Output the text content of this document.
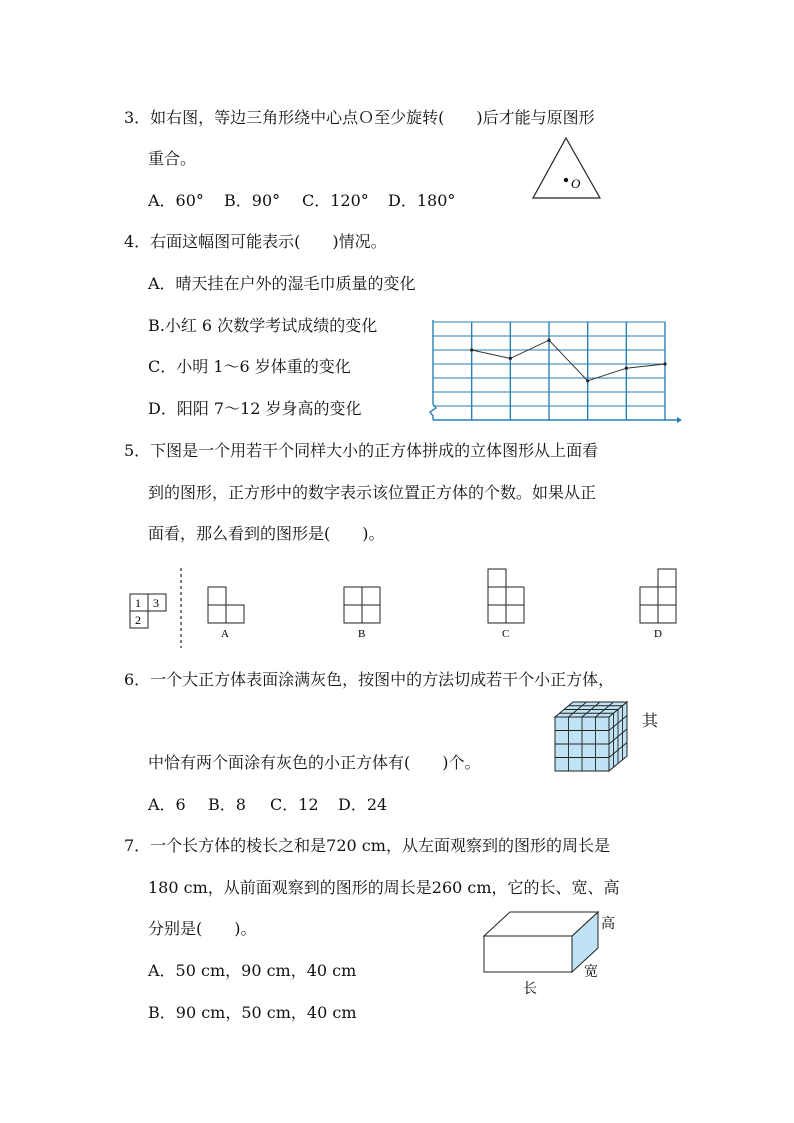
3．如右图，等边三角形绕中心点Ｏ至少旋转(　　)后才能与原图形
重合。
A．60° B．90° C．120° D．180°
O
4．右面这幅图可能表示(　　)情况。
A．晴天挂在户外的湿毛巾质量的变化
B.小红 6 次数学考试成绩的变化
C．小明 1～6 岁体重的变化
D．阳阳 7～12 岁身高的变化
5．下图是一个用若干个同样大小的正方体拼成的立体图形从上面看
到的图形，正方形中的数字表示该位置正方体的个数。如果从正
面看，那么看到的图形是(　　)。
1 3
2
A	B	C	D
6．一个大正方体表面涂满灰色，按图中的方法切成若干个小正方体，
其
中恰有两个面涂有灰色的小正方体有(　　)个。
A．6 B．8 C．12 D．24
7．一个长方体的棱长之和是720 cm，从左面观察到的图形的周长是
180 cm，从前面观察到的图形的周长是260 cm，它的长、宽、高
分别是(　　)。
A．50 cm，90 cm，40 cm
B．90 cm，50 cm，40 cm
高
宽
长
